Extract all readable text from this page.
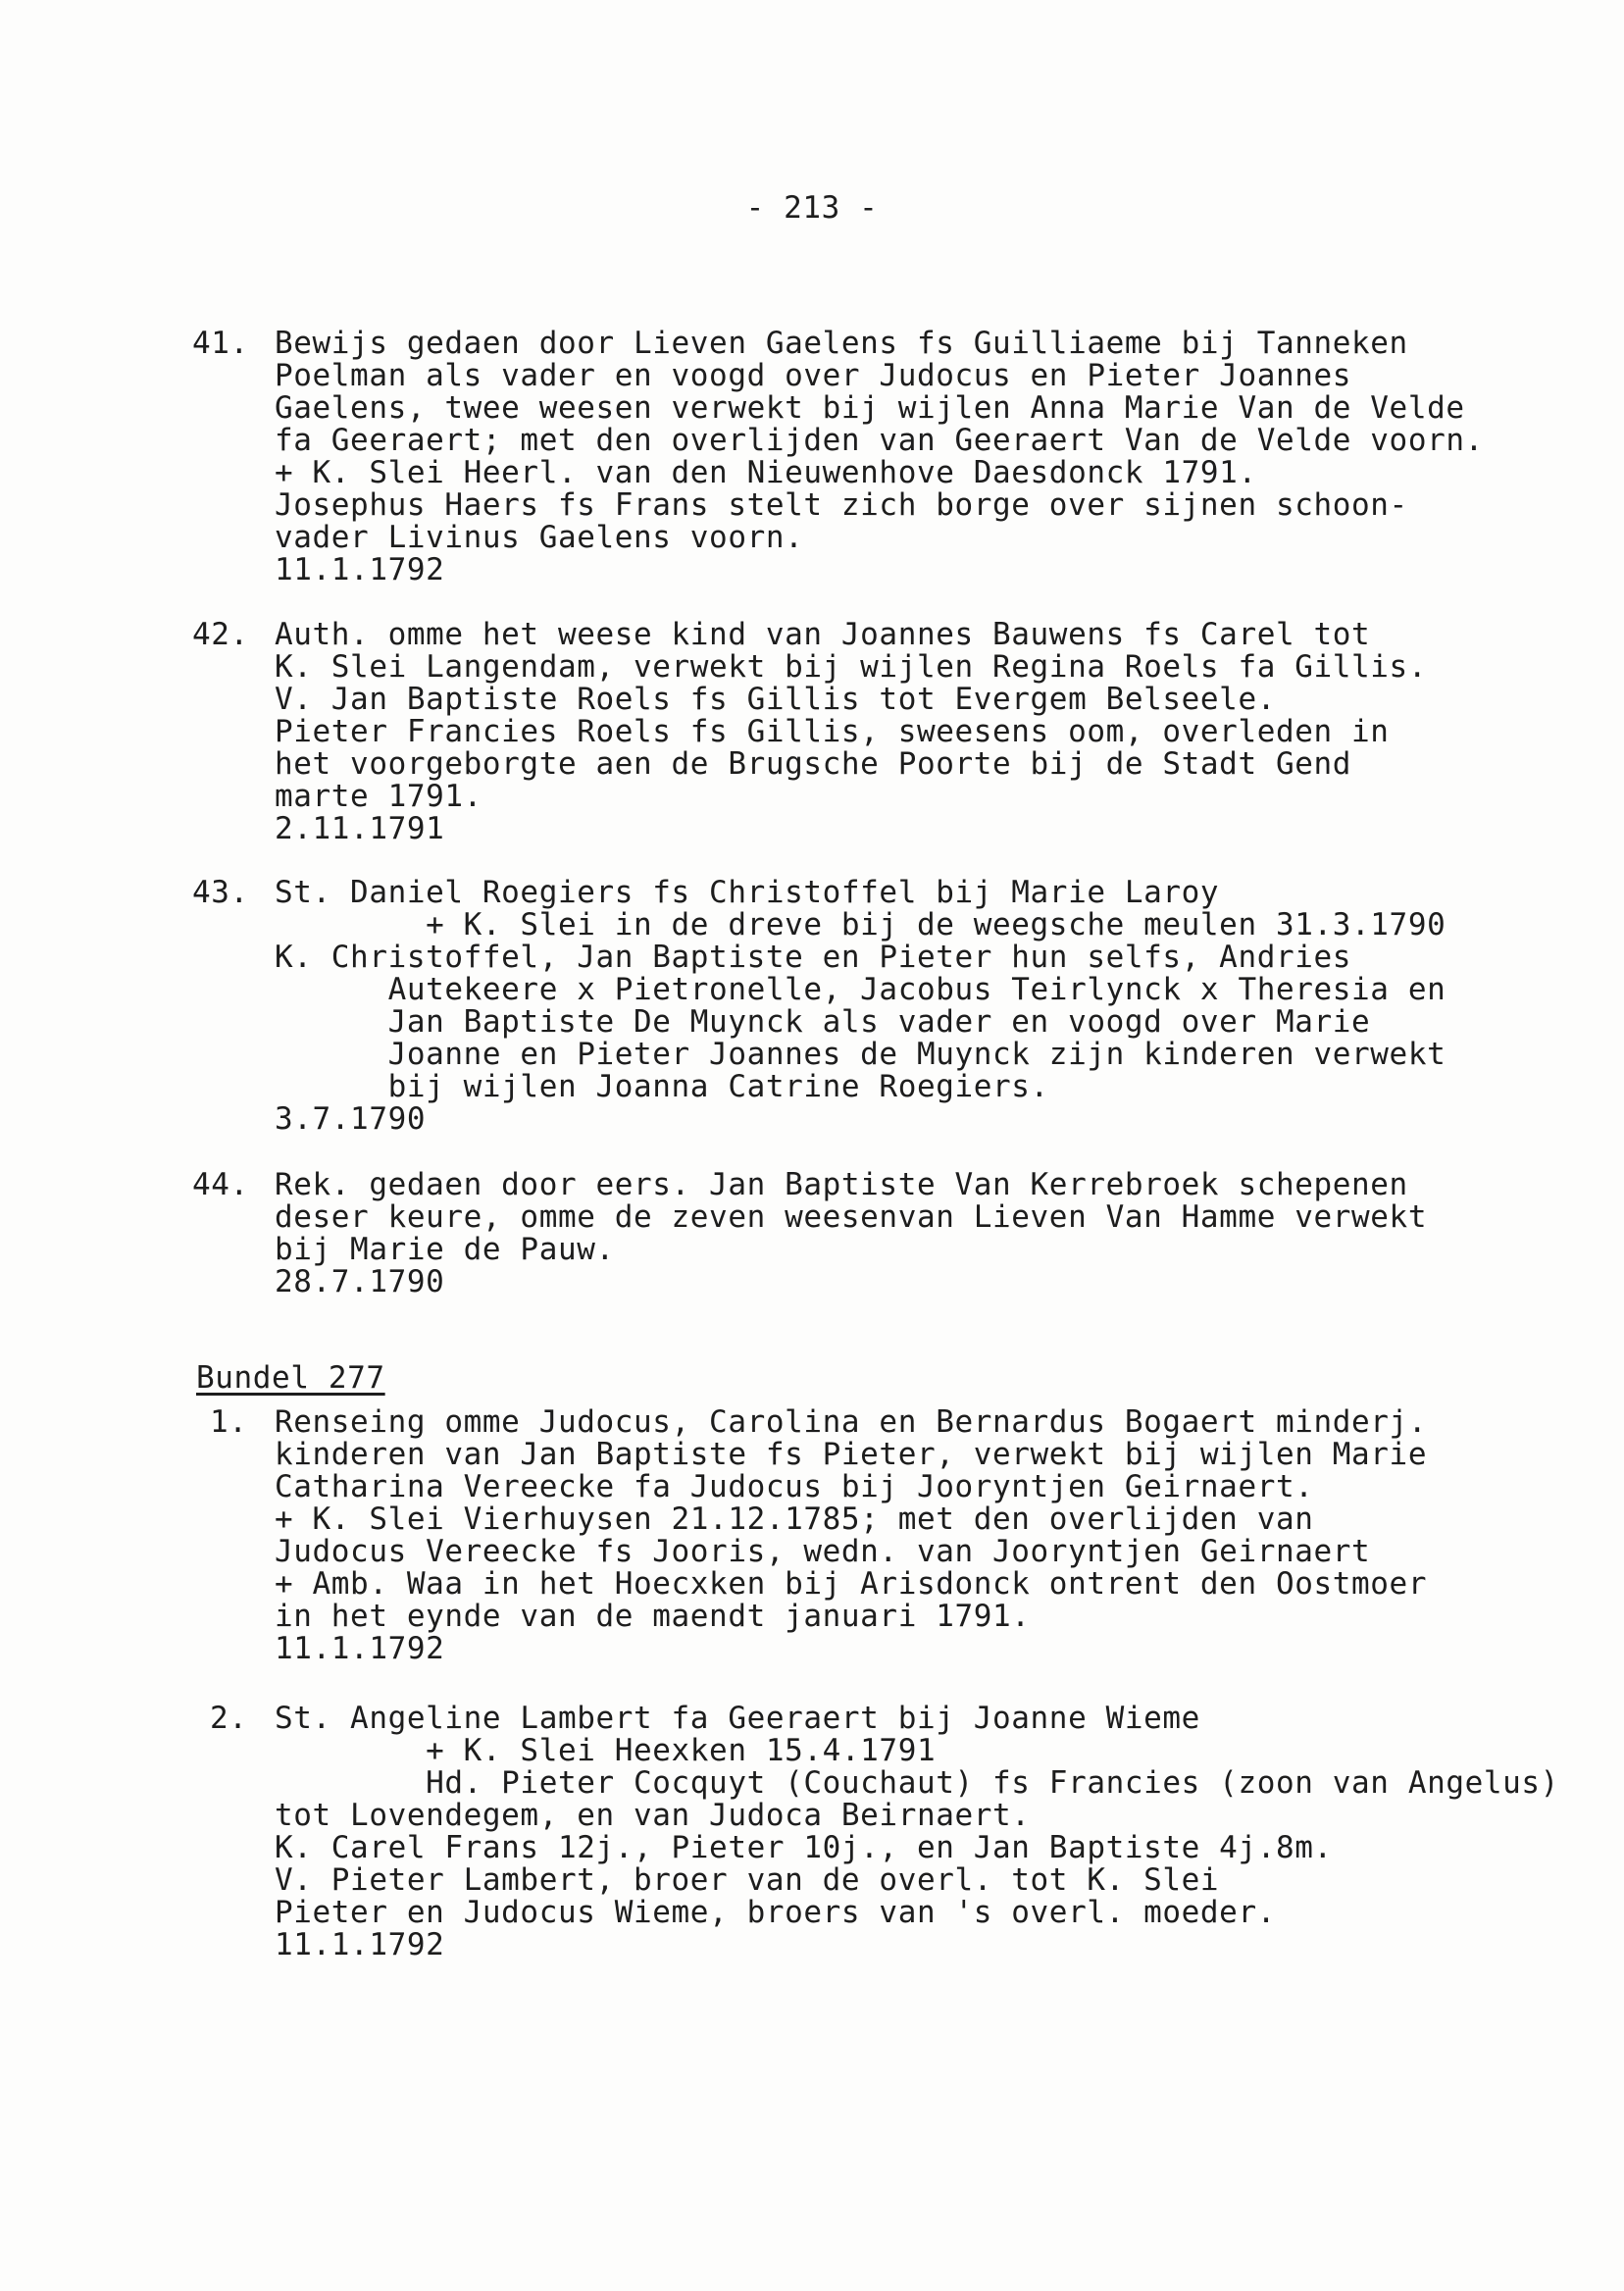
- 213 -

41.

Bewijs gedaen door Lieven Gaelens fs Guilliaeme bij Tanneken

Poelman als vader en voogd over Judocus en Pieter Joannes

Gaelens, twee weesen verwekt bij wijlen Anna Marie Van de Velde

fa Geeraert; met den overlijden van Geeraert Van de Velde voorn.

+ K. Slei Heerl. van den Nieuwenhove Daesdonck 1791.

Josephus Haers fs Frans stelt zich borge over sijnen schoon-

vader Livinus Gaelens voorn.

11.1.1792

42.

Auth. omme het weese kind van Joannes Bauwens fs Carel tot

K. Slei Langendam, verwekt bij wijlen Regina Roels fa Gillis.

V. Jan Baptiste Roels fs Gillis tot Evergem Belseele.

Pieter Francies Roels fs Gillis, sweesens oom, overleden in

het voorgeborgte aen de Brugsche Poorte bij de Stadt Gend

marte 1791.

2.11.1791

43.

St. Daniel Roegiers fs Christoffel bij Marie Laroy

+ K. Slei in de dreve bij de weegsche meulen 31.3.1790

K. Christoffel, Jan Baptiste en Pieter hun selfs, Andries

Autekeere x Pietronelle, Jacobus Teirlynck x Theresia en

Jan Baptiste De Muynck als vader en voogd over Marie

Joanne en Pieter Joannes de Muynck zijn kinderen verwekt

bij wijlen Joanna Catrine Roegiers.

3.7.1790

44.

Rek. gedaen door eers. Jan Baptiste Van Kerrebroek schepenen

deser keure, omme de zeven weesenvan Lieven Van Hamme verwekt

bij Marie de Pauw.

28.7.1790

Bundel 277

1.

Renseing omme Judocus, Carolina en Bernardus Bogaert minderj.

kinderen van Jan Baptiste fs Pieter, verwekt bij wijlen Marie

Catharina Vereecke fa Judocus bij Jooryntjen Geirnaert.

+ K. Slei Vierhuysen 21.12.1785; met den overlijden van

Judocus Vereecke fs Jooris, wedn. van Jooryntjen Geirnaert

+ Amb. Waa in het Hoecxken bij Arisdonck ontrent den Oostmoer

in het eynde van de maendt januari 1791.

11.1.1792

2.

St. Angeline Lambert fa Geeraert bij Joanne Wieme

+ K. Slei Heexken 15.4.1791

Hd. Pieter Cocquyt (Couchaut) fs Francies (zoon van Angelus)

tot Lovendegem, en van Judoca Beirnaert.

K. Carel Frans 12j., Pieter 10j., en Jan Baptiste 4j.8m.

V. Pieter Lambert, broer van de overl. tot K. Slei

Pieter en Judocus Wieme, broers van 's overl. moeder.

11.1.1792
